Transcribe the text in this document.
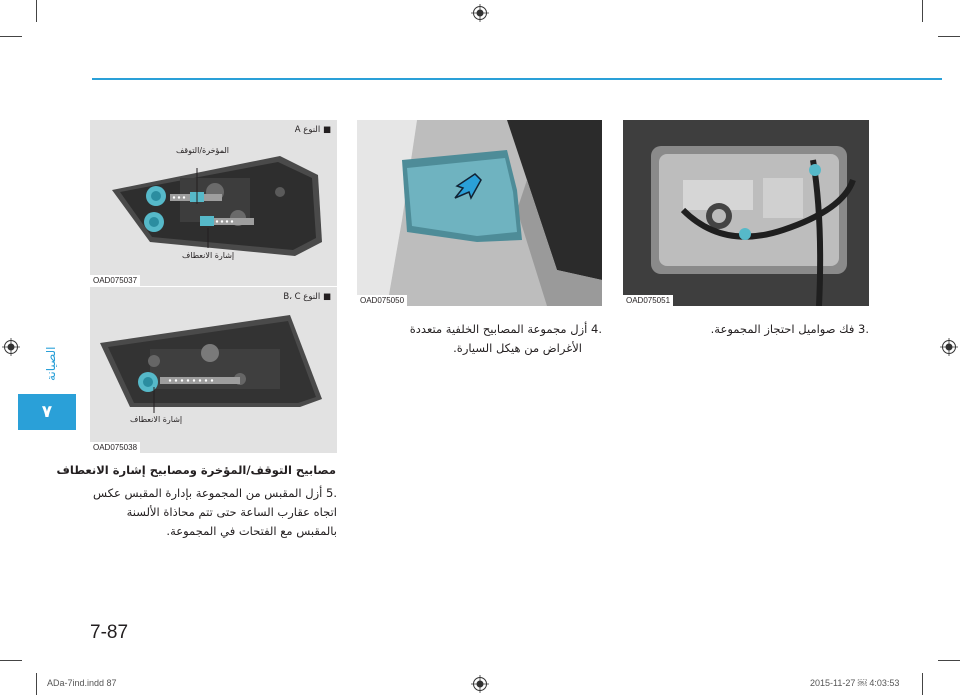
الصيانة
٧
■ النوع A
المؤخرة/التوقف
إشارة الانعطاف
OAD075037
■ النوع B، C
إشارة الانعطاف
OAD075038
OAD075050	OAD075051
.3 فك صواميل احتجاز المجموعة.
.4 أزل مجموعة المصابيح الخلفية متعددة
الأغراض من هيكل السيارة.
مصابيح التوقف/المؤخرة ومصابيح إشارة الانعطاف
.5 أزل المقبس من المجموعة بإدارة المقبس عكس
اتجاه عقارب الساعة حتى تتم محاذاة الألسنة
بالمقبس مع الفتحات في المجموعة.
7-87
ADa-7ind.indd 87	2015-11-27 ￼ 4:03:53
